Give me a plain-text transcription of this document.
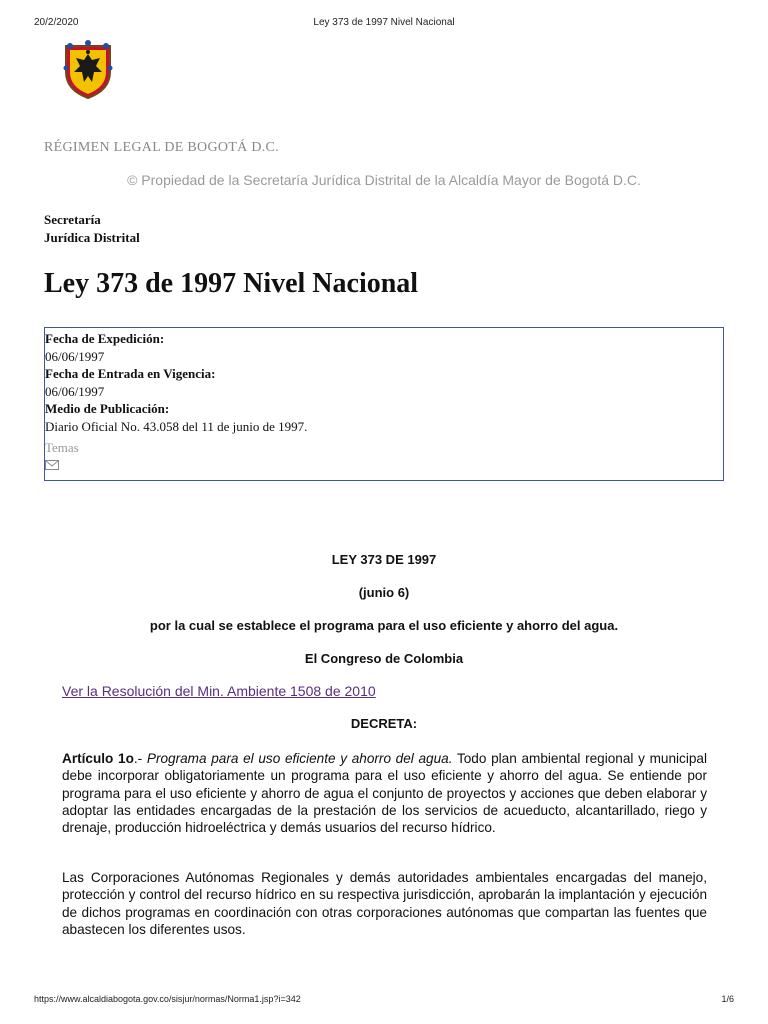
20/2/2020	Ley 373 de 1997 Nivel Nacional
RÉGIMEN LEGAL DE BOGOTÁ D.C.
© Propiedad de la Secretaría Jurídica Distrital de la Alcaldía Mayor de Bogotá D.C.
Secretaría
Jurídica Distrital
Ley 373 de 1997 Nivel Nacional
Fecha de Expedición:
06/06/1997
Fecha de Entrada en Vigencia:
06/06/1997
Medio de Publicación:
Diario Oficial No. 43.058 del 11 de junio de 1997.
Temas
LEY 373 DE 1997
(junio 6)
por la cual se establece el programa para el uso eficiente y ahorro del agua.
El Congreso de Colombia
Ver la Resolución del Min. Ambiente 1508 de 2010
DECRETA:
Artículo 1o.- Programa para el uso eficiente y ahorro del agua. Todo plan ambiental regional y municipal debe incorporar obligatoriamente un programa para el uso eficiente y ahorro del agua. Se entiende por programa para el uso eficiente y ahorro de agua el conjunto de proyectos y acciones que deben elaborar y adoptar las entidades encargadas de la prestación de los servicios de acueducto, alcantarillado, riego y drenaje, producción hidroeléctrica y demás usuarios del recurso hídrico.
Las Corporaciones Autónomas Regionales y demás autoridades ambientales encargadas del manejo, protección y control del recurso hídrico en su respectiva jurisdicción, aprobarán la implantación y ejecución de dichos programas en coordinación con otras corporaciones autónomas que compartan las fuentes que abastecen los diferentes usos.
https://www.alcaldiabogota.gov.co/sisjur/normas/Norma1.jsp?i=342	1/6
